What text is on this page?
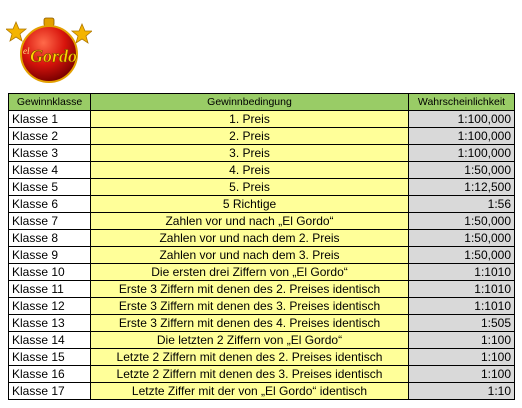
el Gordo
Gewinnklasse	Gewinnbedingung	Wahrscheinlichkeit
Klasse 1	1. Preis	1:100,000
Klasse 2	2. Preis	1:100,000
Klasse 3	3. Preis	1:100,000
Klasse 4	4. Preis	1:50,000
Klasse 5	5. Preis	1:12,500
Klasse 6	5 Richtige	1:56
Klasse 7	Zahlen vor und nach „El Gordo“	1:50,000
Klasse 8	Zahlen vor und nach dem 2. Preis	1:50,000
Klasse 9	Zahlen vor und nach dem 3. Preis	1:50,000
Klasse 10	Die ersten drei Ziffern von „El Gordo“	1:1010
Klasse 11	Erste 3 Ziffern mit denen des 2. Preises identisch	1:1010
Klasse 12	Erste 3 Ziffern mit denen des 3. Preises identisch	1:1010
Klasse 13	Erste 3 Ziffern mit denen des 4. Preises identisch	1:505
Klasse 14	Die letzten 2 Ziffern von „El Gordo“	1:100
Klasse 15	Letzte 2 Ziffern mit denen des 2. Preises identisch	1:100
Klasse 16	Letzte 2 Ziffern mit denen des 3. Preises identisch	1:100
Klasse 17	Letzte Ziffer mit der von „El Gordo“ identisch	1:10
